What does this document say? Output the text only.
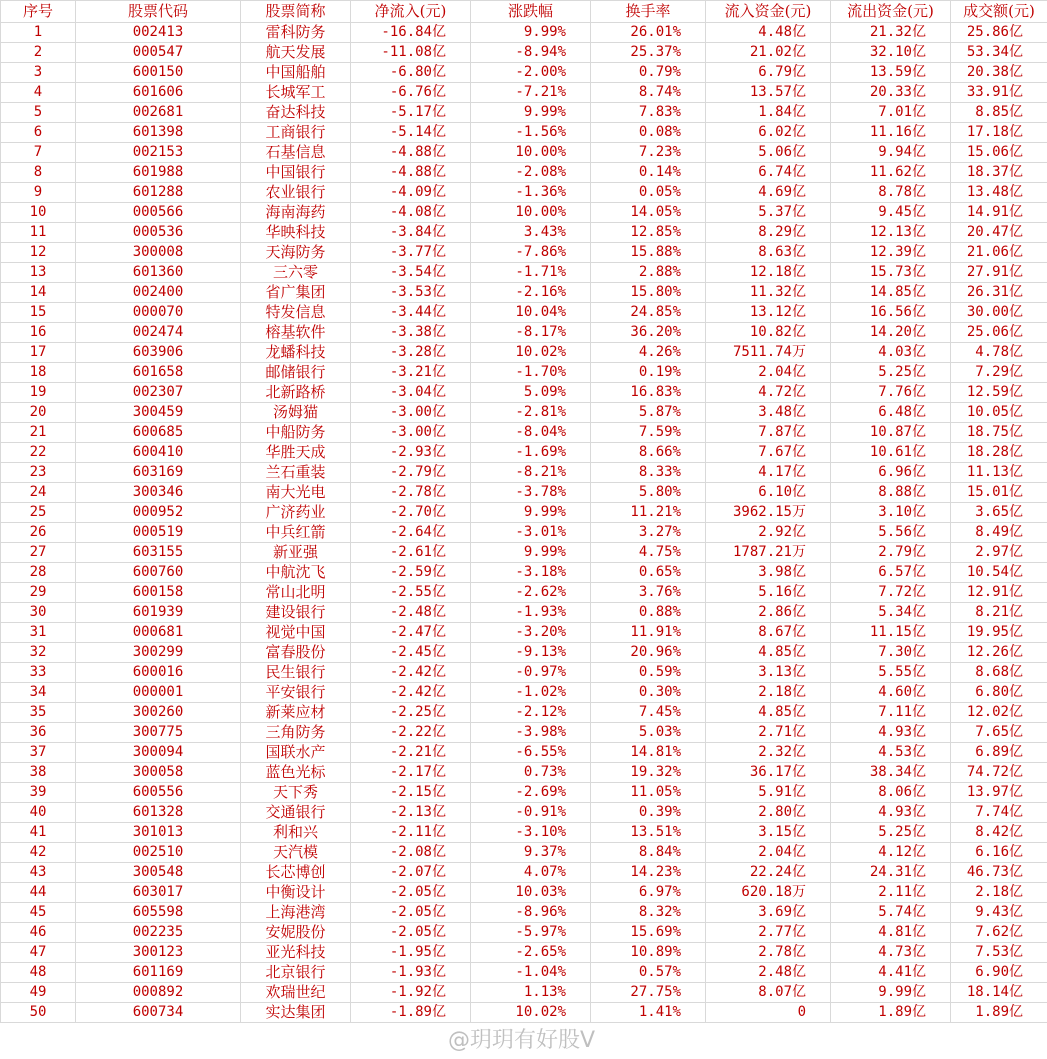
序号	股票代码	股票简称	净流入(元)	涨跌幅	换手率	流入资金(元)	流出资金(元)	成交额(元)
1	002413	雷科防务	-16.84亿	9.99%	26.01%	4.48亿	21.32亿	25.86亿
2	000547	航天发展	-11.08亿	-8.94%	25.37%	21.02亿	32.10亿	53.34亿
3	600150	中国船舶	-6.80亿	-2.00%	0.79%	6.79亿	13.59亿	20.38亿
4	601606	长城军工	-6.76亿	-7.21%	8.74%	13.57亿	20.33亿	33.91亿
5	002681	奋达科技	-5.17亿	9.99%	7.83%	1.84亿	7.01亿	8.85亿
6	601398	工商银行	-5.14亿	-1.56%	0.08%	6.02亿	11.16亿	17.18亿
7	002153	石基信息	-4.88亿	10.00%	7.23%	5.06亿	9.94亿	15.06亿
8	601988	中国银行	-4.88亿	-2.08%	0.14%	6.74亿	11.62亿	18.37亿
9	601288	农业银行	-4.09亿	-1.36%	0.05%	4.69亿	8.78亿	13.48亿
10	000566	海南海药	-4.08亿	10.00%	14.05%	5.37亿	9.45亿	14.91亿
11	000536	华映科技	-3.84亿	3.43%	12.85%	8.29亿	12.13亿	20.47亿
12	300008	天海防务	-3.77亿	-7.86%	15.88%	8.63亿	12.39亿	21.06亿
13	601360	三六零	-3.54亿	-1.71%	2.88%	12.18亿	15.73亿	27.91亿
14	002400	省广集团	-3.53亿	-2.16%	15.80%	11.32亿	14.85亿	26.31亿
15	000070	特发信息	-3.44亿	10.04%	24.85%	13.12亿	16.56亿	30.00亿
16	002474	榕基软件	-3.38亿	-8.17%	36.20%	10.82亿	14.20亿	25.06亿
17	603906	龙蟠科技	-3.28亿	10.02%	4.26%	7511.74万	4.03亿	4.78亿
18	601658	邮储银行	-3.21亿	-1.70%	0.19%	2.04亿	5.25亿	7.29亿
19	002307	北新路桥	-3.04亿	5.09%	16.83%	4.72亿	7.76亿	12.59亿
20	300459	汤姆猫	-3.00亿	-2.81%	5.87%	3.48亿	6.48亿	10.05亿
21	600685	中船防务	-3.00亿	-8.04%	7.59%	7.87亿	10.87亿	18.75亿
22	600410	华胜天成	-2.93亿	-1.69%	8.66%	7.67亿	10.61亿	18.28亿
23	603169	兰石重装	-2.79亿	-8.21%	8.33%	4.17亿	6.96亿	11.13亿
24	300346	南大光电	-2.78亿	-3.78%	5.80%	6.10亿	8.88亿	15.01亿
25	000952	广济药业	-2.70亿	9.99%	11.21%	3962.15万	3.10亿	3.65亿
26	000519	中兵红箭	-2.64亿	-3.01%	3.27%	2.92亿	5.56亿	8.49亿
27	603155	新亚强	-2.61亿	9.99%	4.75%	1787.21万	2.79亿	2.97亿
28	600760	中航沈飞	-2.59亿	-3.18%	0.65%	3.98亿	6.57亿	10.54亿
29	600158	常山北明	-2.55亿	-2.62%	3.76%	5.16亿	7.72亿	12.91亿
30	601939	建设银行	-2.48亿	-1.93%	0.88%	2.86亿	5.34亿	8.21亿
31	000681	视觉中国	-2.47亿	-3.20%	11.91%	8.67亿	11.15亿	19.95亿
32	300299	富春股份	-2.45亿	-9.13%	20.96%	4.85亿	7.30亿	12.26亿
33	600016	民生银行	-2.42亿	-0.97%	0.59%	3.13亿	5.55亿	8.68亿
34	000001	平安银行	-2.42亿	-1.02%	0.30%	2.18亿	4.60亿	6.80亿
35	300260	新莱应材	-2.25亿	-2.12%	7.45%	4.85亿	7.11亿	12.02亿
36	300775	三角防务	-2.22亿	-3.98%	5.03%	2.71亿	4.93亿	7.65亿
37	300094	国联水产	-2.21亿	-6.55%	14.81%	2.32亿	4.53亿	6.89亿
38	300058	蓝色光标	-2.17亿	0.73%	19.32%	36.17亿	38.34亿	74.72亿
39	600556	天下秀	-2.15亿	-2.69%	11.05%	5.91亿	8.06亿	13.97亿
40	601328	交通银行	-2.13亿	-0.91%	0.39%	2.80亿	4.93亿	7.74亿
41	301013	利和兴	-2.11亿	-3.10%	13.51%	3.15亿	5.25亿	8.42亿
42	002510	天汽模	-2.08亿	9.37%	8.84%	2.04亿	4.12亿	6.16亿
43	300548	长芯博创	-2.07亿	4.07%	14.23%	22.24亿	24.31亿	46.73亿
44	603017	中衡设计	-2.05亿	10.03%	6.97%	620.18万	2.11亿	2.18亿
45	605598	上海港湾	-2.05亿	-8.96%	8.32%	3.69亿	5.74亿	9.43亿
46	002235	安妮股份	-2.05亿	-5.97%	15.69%	2.77亿	4.81亿	7.62亿
47	300123	亚光科技	-1.95亿	-2.65%	10.89%	2.78亿	4.73亿	7.53亿
48	601169	北京银行	-1.93亿	-1.04%	0.57%	2.48亿	4.41亿	6.90亿
49	000892	欢瑞世纪	-1.92亿	1.13%	27.75%	8.07亿	9.99亿	18.14亿
50	600734	实达集团	-1.89亿	10.02%	1.41%	0	1.89亿	1.89亿
@玥玥有好股V
